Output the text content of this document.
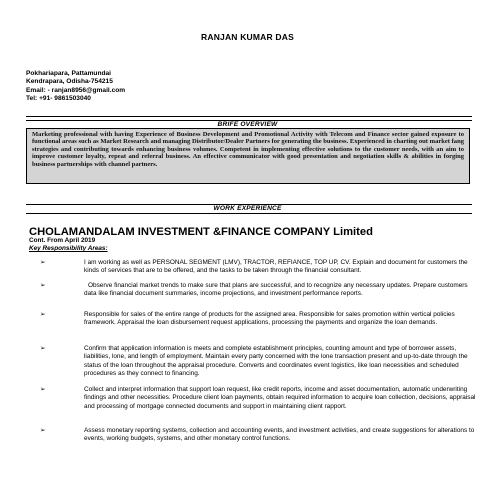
RANJAN KUMAR DAS
Pokhariapara, Pattamundai
Kendrapara, Odisha-754215
Email: - ranjan8956@gmail.com
Tel: +91- 9861503040
BRIFE OVERVIEW
Marketing professional with having Experience of Business Development and Promotional Activity with Telecom and Finance sector gained exposure to functional areas such as Market Research and managing Distributor/Dealer Partners for generating the business. Experienced in charting out market fang strategies and contributing towards enhancing business volumes. Competent in implementing effective solutions to the customer needs, with an aim to improve customer loyalty, repeat and referral business. An effective communicator with good presentation and negotiation skills & abilities in forging business partnerships with channel partners.
WORK EXPERIENCE
CHOLAMANDALAM INVESTMENT &FINANCE COMPANY Limited
Cont. From April 2019
Key Responsibility Areas:
➢	I am working as well as PERSONAL SEGMENT (LMV), TRACTOR, REFIANCE, TOP UP, CV. Explain and document for customers the kinds of services that are to be offered, and the tasks to be taken through the financial consultant.
➢	Observe financial market trends to make sure that plans are successful, and to recognize any necessary updates. Prepare customers data like financial document summaries, income projections, and investment performance reports.
➢	Responsible for sales of the entire range of products for the assigned area. Responsible for sales promotion within vertical policies framework. Appraisal the loan disbursement request applications, processing the payments and organize the loan demands.
➢	Confirm that application information is meets and complete establishment principles, counting amount and type of borrower assets, liabilities, lone, and length of employment. Maintain every party concerned with the lone transaction present and up-to-date through the status of the loan throughout the appraisal procedure. Converts and coordinates event logistics, like loan necessities and scheduled procedures as they connect to financing.
➢	Collect and interpret information that support loan request, like credit reports, income and asset documentation, automatic underwriting findings and other necessities. Procedure client loan payments, obtain required information to acquire loan collection, decisions, appraisal and processing of mortgage connected documents and support in maintaining client rapport.
➢	Assess monetary reporting systems, collection and accounting events, and investment activities, and create suggestions for alterations to events, working budgets, systems, and other monetary control functions.
